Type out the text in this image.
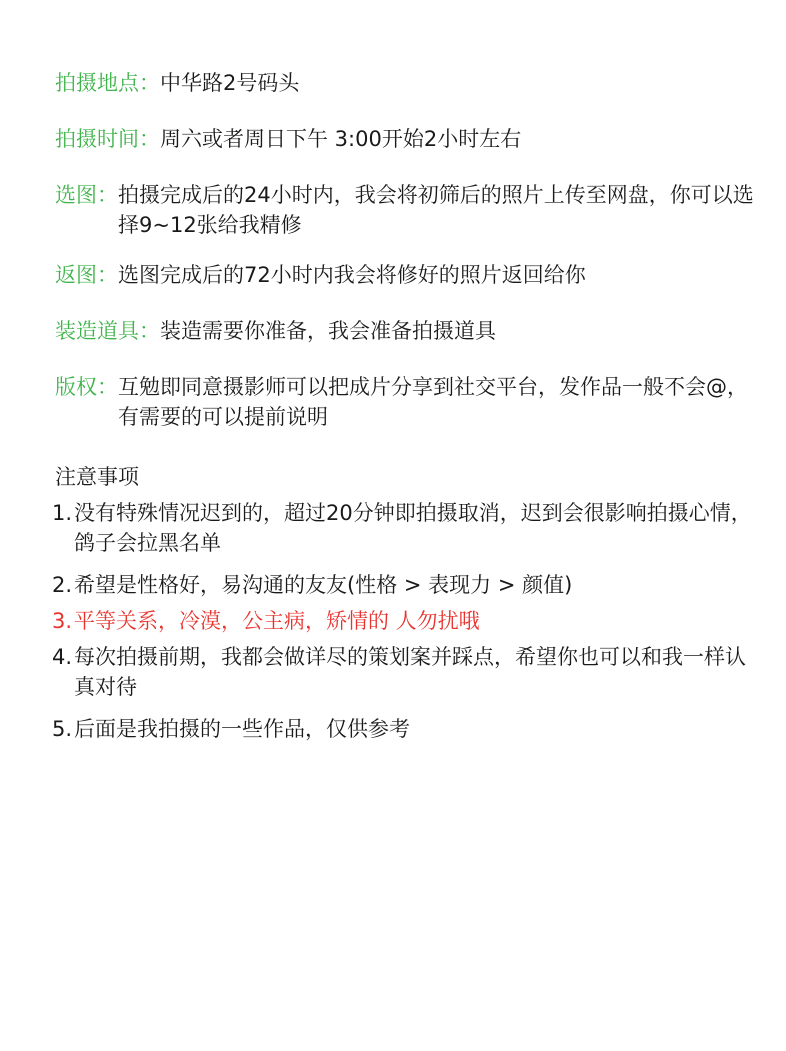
拍摄地点： 中华路2号码头
拍摄时间： 周六或者周日下午 3:00开始2小时左右
选图： 拍摄完成后的24小时内，我会将初筛后的照片上传至网盘，你可以选择9~12张给我精修
返图： 选图完成后的72小时内我会将修好的照片返回给你
装造道具： 装造需要你准备，我会准备拍摄道具
版权： 互勉即同意摄影师可以把成片分享到社交平台，发作品一般不会@，有需要的可以提前说明
注意事项
1. 没有特殊情况迟到的，超过20分钟即拍摄取消，迟到会很影响拍摄心情，鸽子会拉黑名单
2. 希望是性格好，易沟通的友友(性格 > 表现力 > 颜值)
3. 平等关系，冷漠，公主病，矫情的 人勿扰哦
4. 每次拍摄前期，我都会做详尽的策划案并踩点，希望你也可以和我一样认真对待
5. 后面是我拍摄的一些作品，仅供参考
